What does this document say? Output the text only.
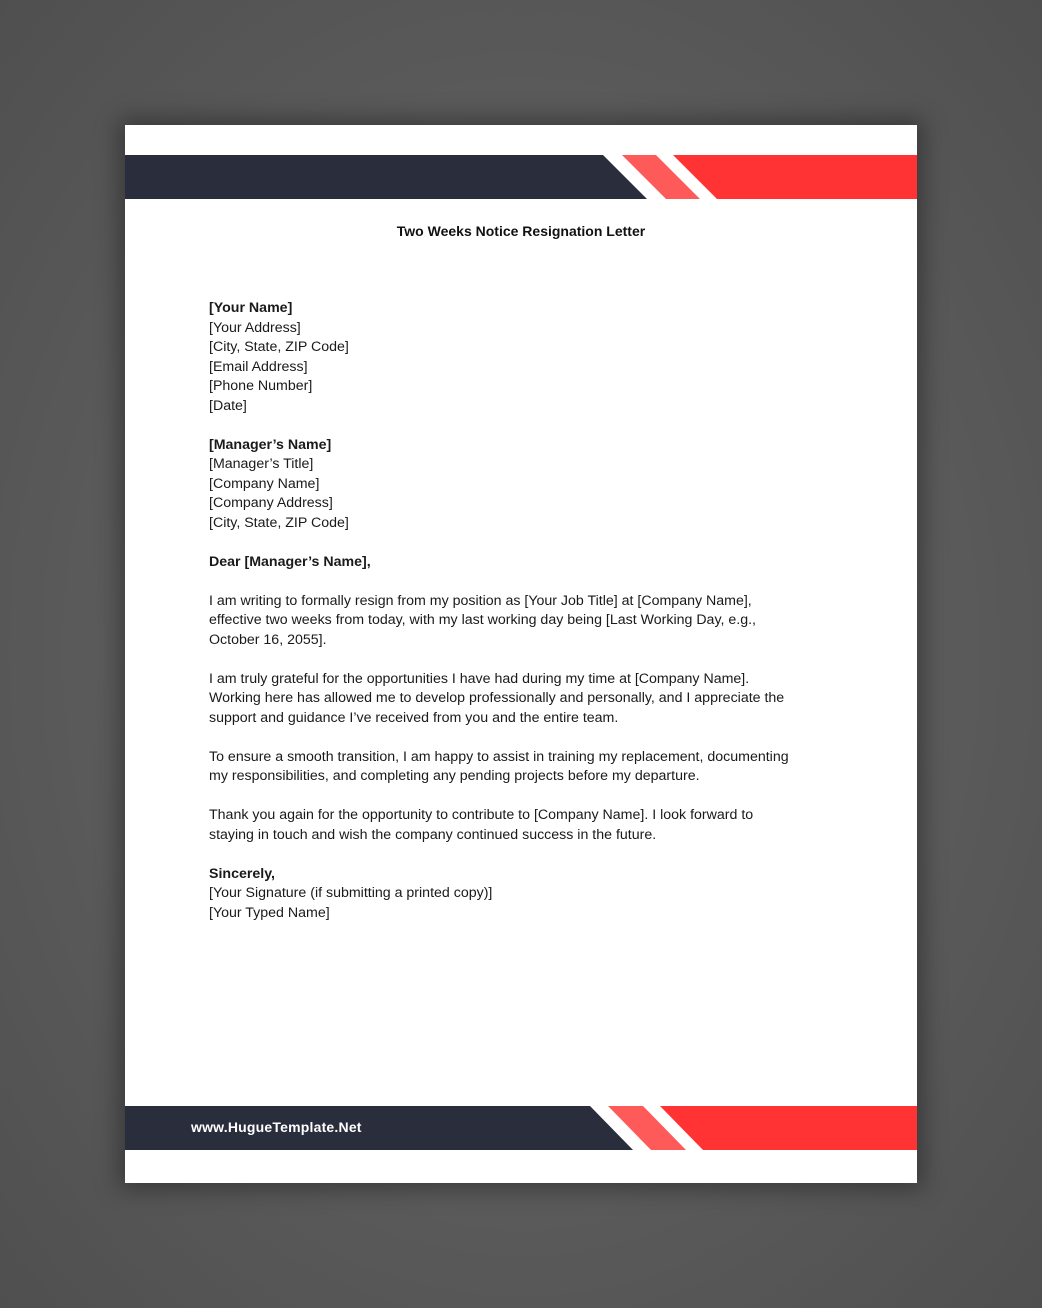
Two Weeks Notice Resignation Letter
[Your Name]
[Your Address]
[City, State, ZIP Code]
[Email Address]
[Phone Number]
[Date]
[Manager’s Name]
[Manager’s Title]
[Company Name]
[Company Address]
[City, State, ZIP Code]
Dear [Manager’s Name],
I am writing to formally resign from my position as [Your Job Title] at [Company Name],
effective two weeks from today, with my last working day being [Last Working Day, e.g.,
October 16, 2055].
I am truly grateful for the opportunities I have had during my time at [Company Name].
Working here has allowed me to develop professionally and personally, and I appreciate the
support and guidance I’ve received from you and the entire team.
To ensure a smooth transition, I am happy to assist in training my replacement, documenting
my responsibilities, and completing any pending projects before my departure.
Thank you again for the opportunity to contribute to [Company Name]. I look forward to
staying in touch and wish the company continued success in the future.
Sincerely,
[Your Signature (if submitting a printed copy)]
[Your Typed Name]
www.HugueTemplate.Net
